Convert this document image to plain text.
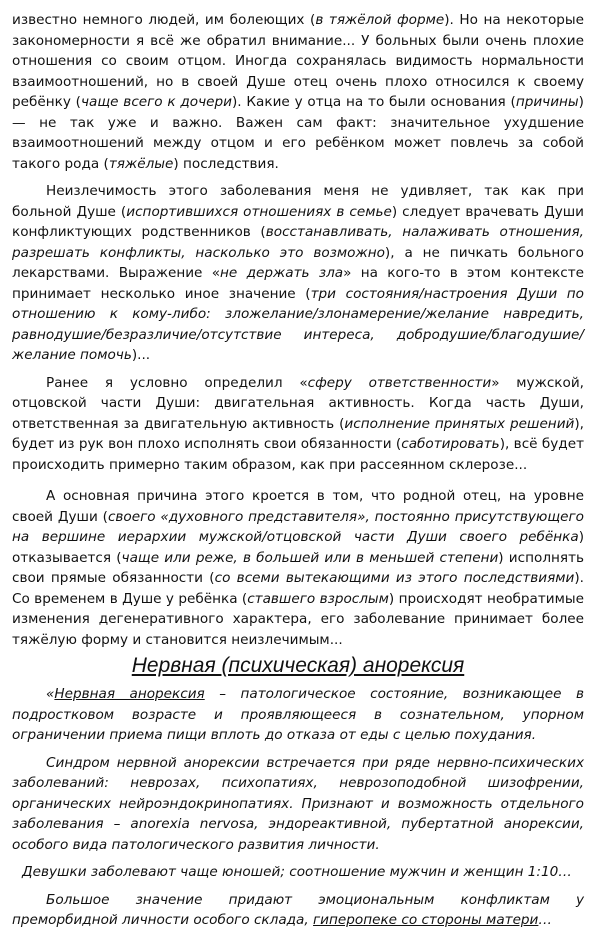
известно немного людей, им болеющих (в тяжёлой форме). Но на некоторые закономерности я всё же обратил внимание... У больных были очень плохие отношения со своим отцом. Иногда сохранялась видимость нормальности взаимоотношений, но в своей Душе отец очень плохо относился к своему ребёнку (чаще всего к дочери). Какие у отца на то были основания (причины) — не так уже и важно. Важен сам факт: значительное ухудшение взаимоотношений между отцом и его ребёнком может повлечь за собой такого рода (тяжёлые) последствия.

Неизлечимость этого заболевания меня не удивляет, так как при больной Душе (испортившихся отношениях в семье) следует врачевать Души конфликтующих родственников (восстанавливать, налаживать отношения, разрешать конфликты, насколько это возможно), а не пичкать больного лекарствами. Выражение «не держать зла» на кого-то в этом контексте принимает несколько иное значение (три состояния/настроения Души по отношению к кому-либо: зложелание/злонамерение/желание навредить, равнодушие/безразличие/отсутствие интереса, добродушие/благодушие/желание помочь)...

Ранее я условно определил «сферу ответственности» мужской, отцовской части Души: двигательная активность. Когда часть Души, ответственная за двигательную активность (исполнение принятых решений), будет из рук вон плохо исполнять свои обязанности (саботировать), всё будет происходить примерно таким образом, как при рассеянном склерозе...

А основная причина этого кроется в том, что родной отец, на уровне своей Души (своего «духовного представителя», постоянно присутствующего на вершине иерархии мужской/отцовской части Души своего ребёнка) отказывается (чаще или реже, в большей или в меньшей степени) исполнять свои прямые обязанности (со всеми вытекающими из этого последствиями). Со временем в Душе у ребёнка (ставшего взрослым) происходят необратимые изменения дегенеративного характера, его заболевание принимает более тяжёлую форму и становится неизлечимым...

Нервная (психическая) анорексия

«Нервная анорексия – патологическое состояние, возникающее в подростковом возрасте и проявляющееся в сознательном, упорном ограничении приема пищи вплоть до отказа от еды с целью похудания.

Синдром нервной анорексии встречается при ряде нервно-психических заболеваний: неврозах, психопатиях, неврозоподобной шизофрении, органических нейроэндокринопатиях. Признают и возможность отдельного заболевания – anorexia nervosa, эндореактивной, пубертатной анорексии, особого вида патологического развития личности.

Девушки заболевают чаще юношей; соотношение мужчин и женщин 1:10…

Большое значение придают эмоциональным конфликтам у преморбидной личности особого склада, гиперопеке со стороны матери…
